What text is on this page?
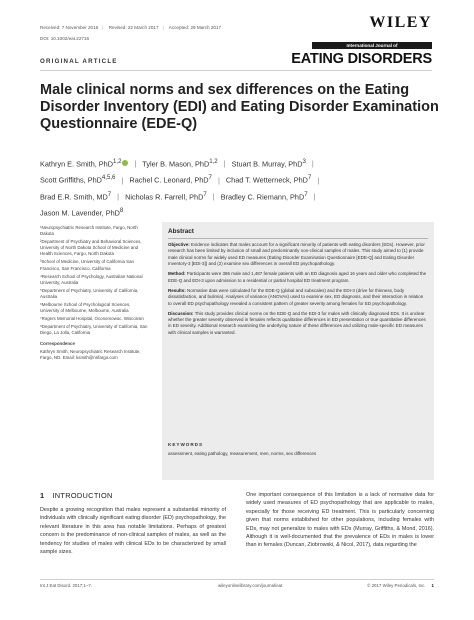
Received: 7 November 2016 | Revised: 22 March 2017 | Accepted: 29 March 2017
DOI: 10.1002/eat.22716
WILEY
International Journal of
EATING DISORDERS
ORIGINAL ARTICLE
Male clinical norms and sex differences on the Eating Disorder Inventory (EDI) and Eating Disorder Examination Questionnaire (EDE-Q)
Kathryn E. Smith, PhD$^{1,2}$ | Tyler B. Mason, PhD$^{1,2}$ | Stuart B. Murray, PhD$^3$ |
Scott Griffiths, PhD$^{4,5,6}$ | Rachel C. Leonard, PhD$^7$ | Chad T. Wetterneck, PhD$^7$ |
Brad E.R. Smith, $MD^7$ | Nicholas R. Farrell, PhD$^7$ | Bradley C. Riemann, PhD$^7$ |
Jason M. Lavender, PhD$^8$

¹Neuropsychiatric Research Institute, Fargo, North Dakota

²Department of Psychiatry and Behavioral Sciences, University of North Dakota School of Medicine and Health Sciences, Fargo, North Dakota

³School of Medicine, University of California San Francisco, San Francisco, California

⁴Research School of Psychology, Australian National University, Australia

⁵Department of Psychiatry, University of California, Australia

⁶Melbourne School of Psychological Sciences, University of Melbourne, Melbourne, Australia

⁷Rogers Memorial Hospital, Oconomowoc, Wisconsin

⁸Department of Psychiatry, University of California, San Diego, La Jolla, California

Correspondence

Kathryn Smith, Neuropsychiatric Research Institute, Fargo, ND. Email: ksmith@nrifargo.com

Abstract

Objective: Evidence indicates that males account for a significant minority of patients with eating disorders (EDs). However, prior research has been limited by inclusion of small and predominantly non-clinical samples of males. This study aimed to (1) provide male clinical norms for widely used ED measures (Eating Disorder Examination Questionnaire [EDE-Q] and Eating Disorder Inventory-3 [EDI-3]) and (2) examine sex differences in overall ED psychopathology.

Method: Participants were 386 male and 1,487 female patients with an ED diagnosis aged 16 years and older who completed the EDE-Q and EDI-3 upon admission to a residential or partial hospital ED treatment program.

Results: Normative data were calculated for the EDE-Q (global and subscales) and the EDI-3 (drive for thinness, body dissatisfaction, and bulimia). Analyses of variance (ANOVAs) used to examine sex, ED diagnosis, and their interaction in relation to overall ED psychopathology revealed a consistent pattern of greater severity among females for ED psychopathology.

Discussion: This study provides clinical norms on the EDE-Q and the EDI-3 for males with clinically diagnosed EDs. It is unclear whether the greater severity observed in females reflects qualitative differences in ED presentation or true quantitative differences in ED severity. Additional research examining the underlying nature of these differences and utilizing male-specific ED measures with clinical samples is warranted.

KEYWORDS
assessment, eating pathology, measurement, men, norms, sex differences
1 INTRODUCTION
Despite a growing recognition that males represent a substantial minority of individuals with clinically significant eating disorder (ED) psychopathology, the relevant literature in this area has notable limitations. Perhaps of greatest concern is the predominance of non-clinical samples of males, as well as the tendency for studies of males with clinical EDs to be characterized by small sample sizes.
One important consequence of this limitation is a lack of normative data for widely used measures of ED psychopathology that are applicable to males, especially for those receiving ED treatment. This is particularly concerning given that norms established for other populations, including females with EDs, may not generalize to males with EDs (Murray, Griffiths, & Mond, 2016). Although it is well-documented that the prevalence of EDs in males is lower than in females (Duncan, Ziobrowski, & Nicol, 2017), data regarding the
Int J Eat Disord. 2017;1–7.	wileyonlinelibrary.com/journal/eat	© 2017 Wiley Periodicals, Inc. 1
